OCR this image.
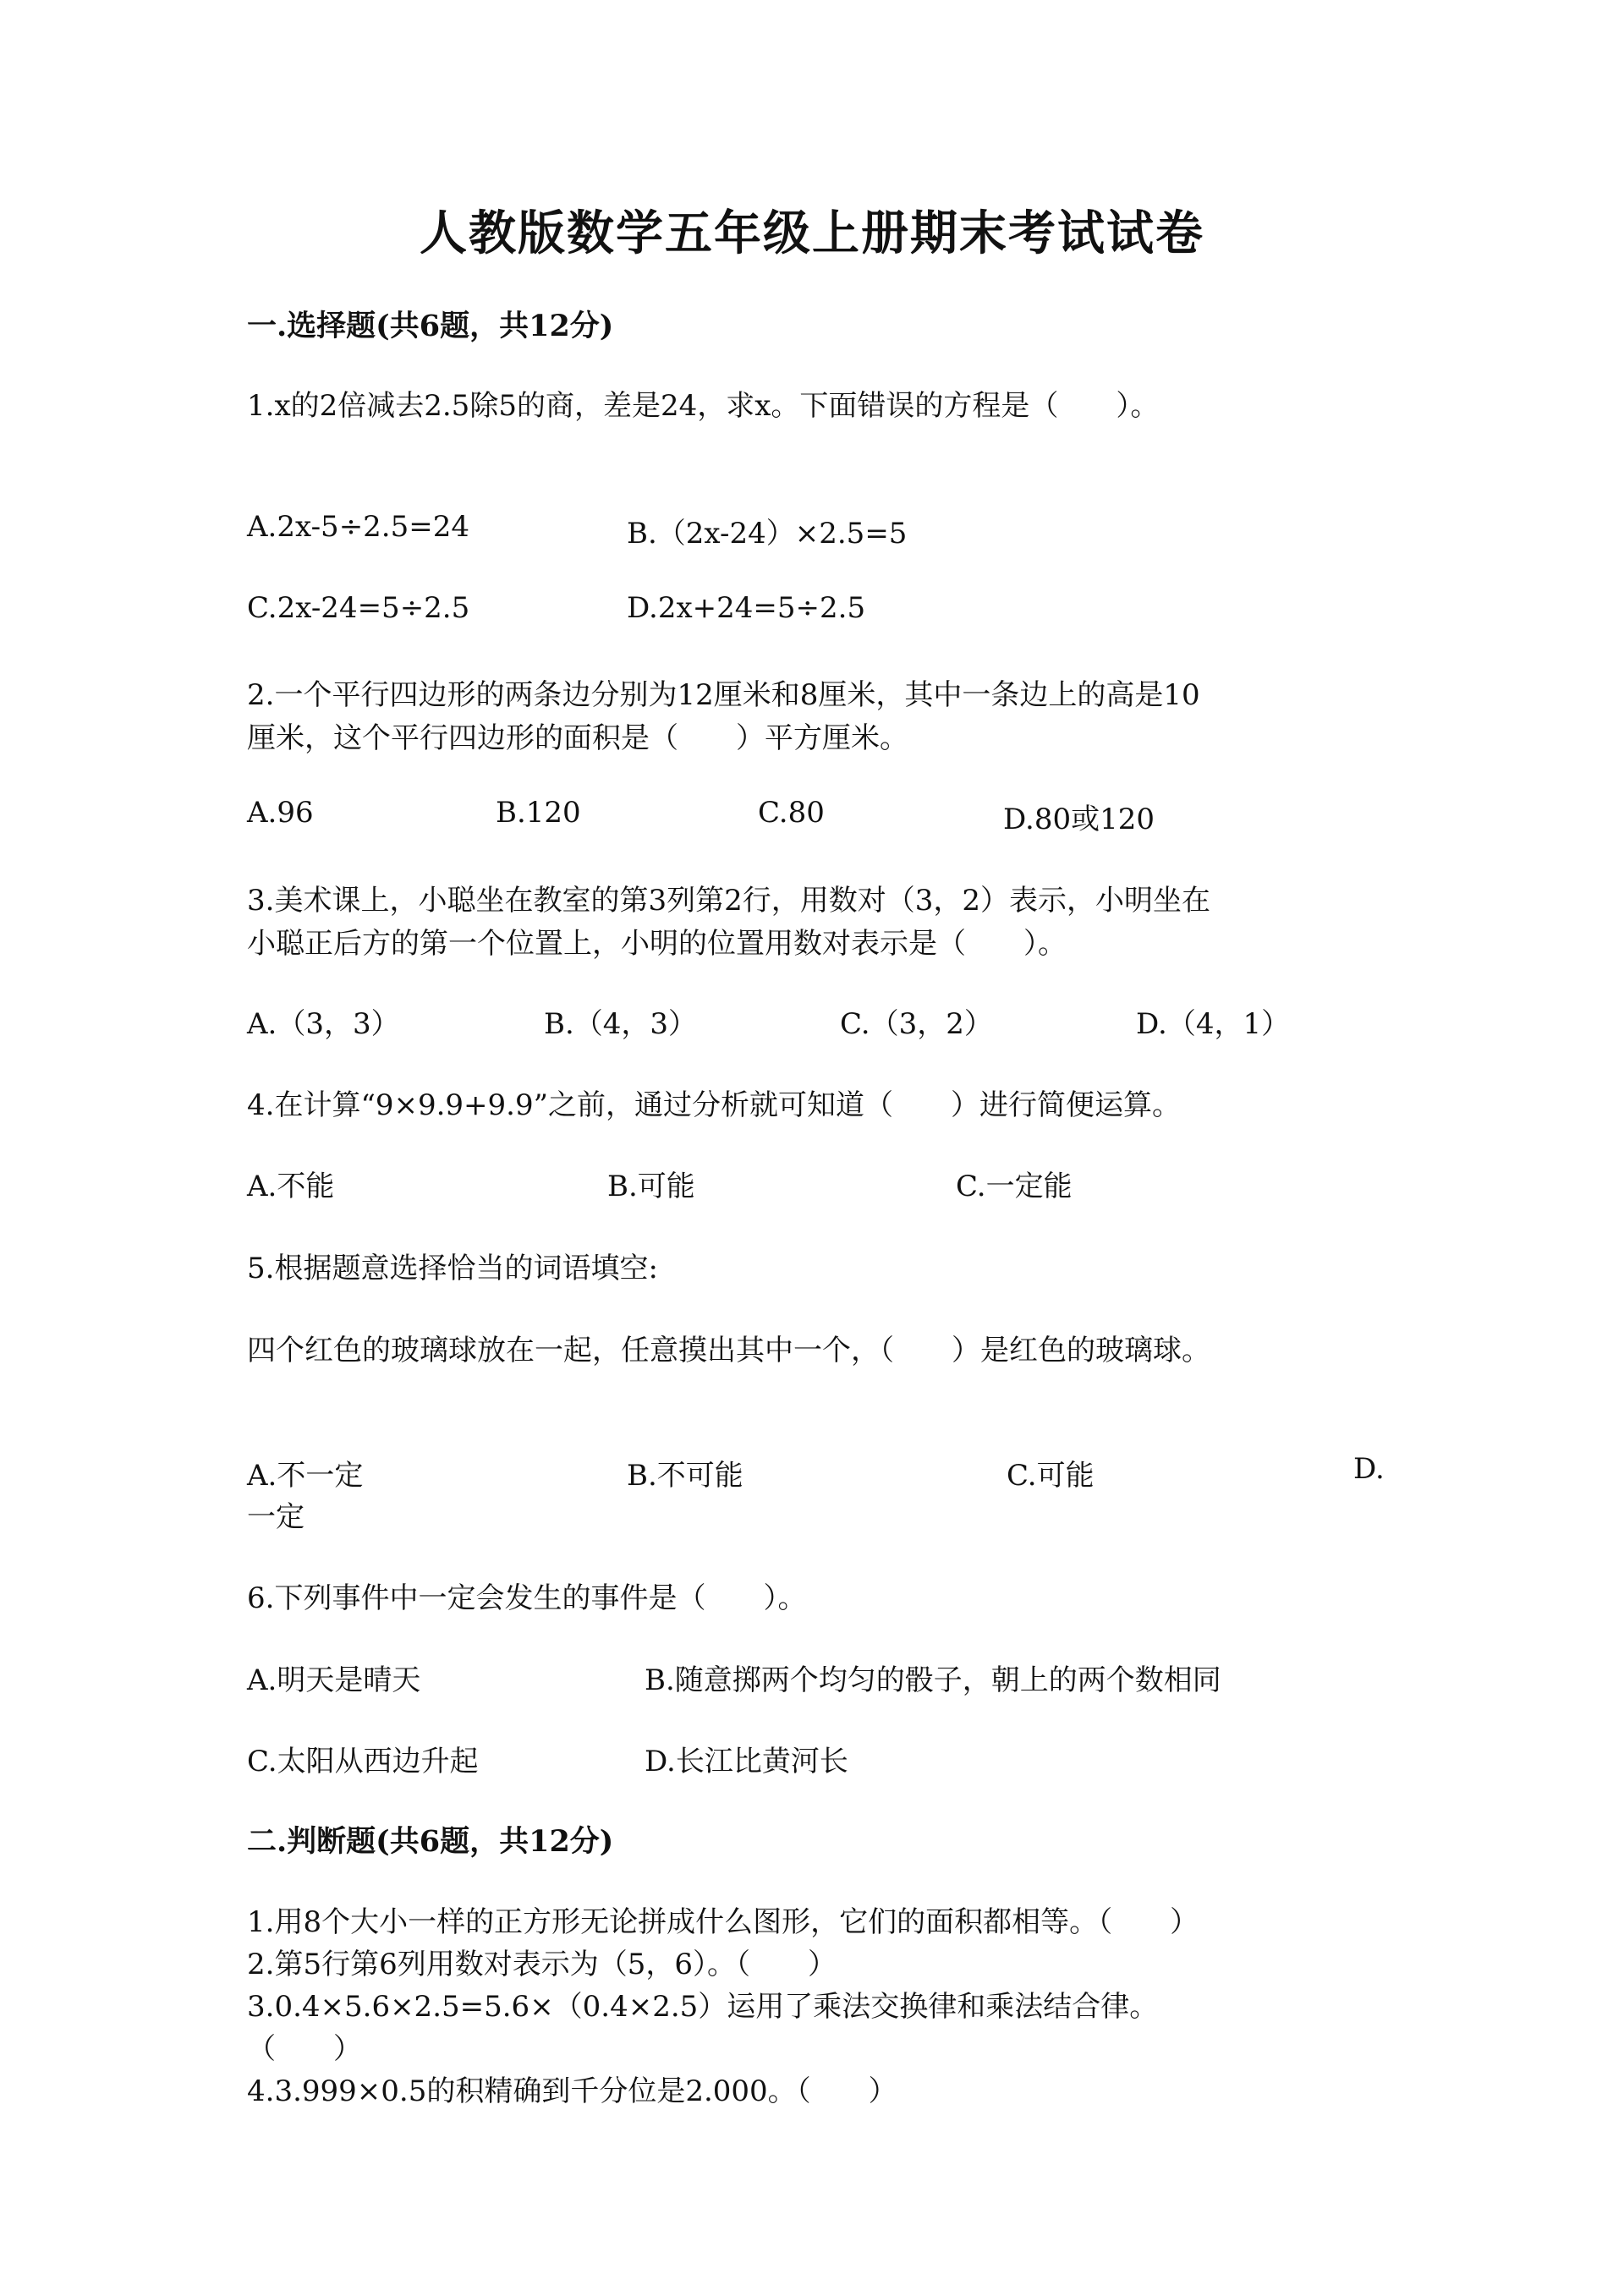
人教版数学五年级上册期末考试试卷
一.选择题(共6题，共12分)
1.x的2倍减去2.5除5的商，差是24，求x。下面错误的方程是（　　）。
A.2x-5÷2.5=24	B.（2x-24）×2.5=5
C.2x-24=5÷2.5	D.2x+24=5÷2.5
2.一个平行四边形的两条边分别为12厘米和8厘米，其中一条边上的高是10
厘米，这个平行四边形的面积是（　　）平方厘米。
A.96	B.120	C.80	D.80或120
3.美术课上，小聪坐在教室的第3列第2行，用数对（3，2）表示，小明坐在
小聪正后方的第一个位置上，小明的位置用数对表示是（　　）。
A.（3，3）	B.（4，3）	C.（3，2）	D.（4，1）
4.在计算“9×9.9+9.9”之前，通过分析就可知道（　　）进行简便运算。
A.不能	B.可能	C.一定能
5.根据题意选择恰当的词语填空:
四个红色的玻璃球放在一起，任意摸出其中一个，（　　）是红色的玻璃球。
A.不一定	B.不可能	C.可能	D.
一定
6.下列事件中一定会发生的事件是（　　）。
A.明天是晴天	B.随意掷两个均匀的骰子，朝上的两个数相同
C.太阳从西边升起	D.长江比黄河长
二.判断题(共6题，共12分)
1.用8个大小一样的正方形无论拼成什么图形，它们的面积都相等。（　　）
2.第5行第6列用数对表示为（5，6）。（　　）
3.0.4×5.6×2.5=5.6×（0.4×2.5）运用了乘法交换律和乘法结合律。
（　　）
4.3.999×0.5的积精确到千分位是2.000。（　　）
